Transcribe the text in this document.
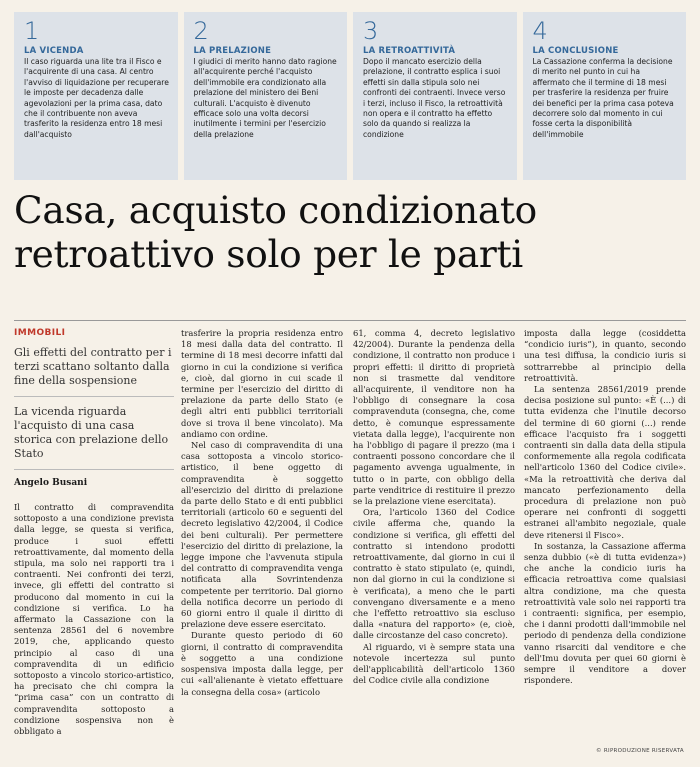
1
LA VICENDA
Il caso riguarda una lite tra il Fisco e l'acquirente di una casa. Al centro l'avviso di liquidazione per recuperare le imposte per decadenza dalle agevolazioni per la prima casa, dato che il contribuente non aveva trasferito la residenza entro 18 mesi dall'acquisto
2
LA PRELAZIONE
I giudici di merito hanno dato ragione all'acquirente perché l'acquisto dell'immobile era condizionato alla prelazione del ministero dei Beni culturali. L'acquisto è divenuto efficace solo una volta decorsi inutilmente i termini per l'esercizio della prelazione
3
LA RETROATTIVITÀ
Dopo il mancato esercizio della prelazione, il contratto esplica i suoi effetti sin dalla stipula solo nei confronti dei contraenti. Invece verso i terzi, incluso il Fisco, la retroattività non opera e il contratto ha effetto solo da quando si realizza la condizione
4
LA CONCLUSIONE
La Cassazione conferma la decisione di merito nel punto in cui ha affermato che il termine di 18 mesi per trasferire la residenza per fruire dei benefici per la prima casa poteva decorrere solo dal momento in cui fosse certa la disponibilità dell'immobile
Casa, acquisto condizionato retroattivo solo per le parti
IMMOBILI
Gli effetti del contratto per i terzi scattano soltanto dalla fine della sospensione
La vicenda riguarda l'acquisto di una casa storica con prelazione dello Stato
Angelo Busani

Il contratto di compravendita sottoposto a una condizione prevista dalla legge, se questa si verifica, produce i suoi effetti retroattivamente, dal momento della stipula, ma solo nei rapporti tra i contraenti. Nei confronti dei terzi, invece, gli effetti del contratto si producono dal momento in cui la condizione si verifica. Lo ha affermato la Cassazione con la sentenza 28561 del 6 novembre 2019, che, applicando questo principio al caso di una compravendita di un edificio sottoposto a vincolo storico-artistico, ha precisato che chi compra la “prima casa” con un contratto di compravendita sottoposto a condizione sospensiva non è obbligato a

trasferire la propria residenza entro 18 mesi dalla data del contratto. Il termine di 18 mesi decorre infatti dal giorno in cui la condizione si verifica e, cioè, dal giorno in cui scade il termine per l'esercizio del diritto di prelazione da parte dello Stato (e degli altri enti pubblici territoriali dove si trova il bene vincolato). Ma andiamo con ordine.

Nel caso di compravendita di una casa sottoposta a vincolo storico-artistico, il bene oggetto di compravendita è soggetto all'esercizio del diritto di prelazione da parte dello Stato e di enti pubblici territoriali (articolo 60 e seguenti del decreto legislativo 42/2004, il Codice dei beni culturali). Per permettere l'esercizio del diritto di prelazione, la legge impone che l'avvenuta stipula del contratto di compravendita venga notificata alla Sovrintendenza competente per territorio. Dal giorno della notifica decorre un periodo di 60 giorni entro il quale il diritto di prelazione deve essere esercitato.

Durante questo periodo di 60 giorni, il contratto di compravendita è soggetto a una condizione sospensiva imposta dalla legge, per cui «all'alienante è vietato effettuare la consegna della cosa» (articolo

61, comma 4, decreto legislativo 42/2004). Durante la pendenza della condizione, il contratto non produce i propri effetti: il diritto di proprietà non si trasmette dal venditore all'acquirente, il venditore non ha l'obbligo di consegnare la cosa compravenduta (consegna, che, come detto, è comunque espressamente vietata dalla legge), l'acquirente non ha l'obbligo di pagare il prezzo (ma i contraenti possono concordare che il pagamento avvenga ugualmente, in tutto o in parte, con obbligo della parte venditrice di restituire il prezzo se la prelazione viene esercitata).

Ora, l'articolo 1360 del Codice civile afferma che, quando la condizione si verifica, gli effetti del contratto si intendono prodotti retroattivamente, dal giorno in cui il contratto è stato stipulato (e, quindi, non dal giorno in cui la condizione si è verificata), a meno che le parti convengano diversamente e a meno che l'effetto retroattivo sia escluso dalla «natura del rapporto» (e, cioè, dalle circostanze del caso concreto).

Al riguardo, vi è sempre stata una notevole incertezza sul punto dell'applicabilità dell'articolo 1360 del Codice civile alla condizione

imposta dalla legge (cosiddetta “condicio iuris”), in quanto, secondo una tesi diffusa, la condicio iuris si sottrarrebbe al principio della retroattività.

La sentenza 28561/2019 prende decisa posizione sul punto: «È (...) di tutta evidenza che l'inutile decorso del termine di 60 giorni (...) rende efficace l'acquisto fra i soggetti contraenti sin dalla data della stipula conformemente alla regola codificata nell'articolo 1360 del Codice civile». «Ma la retroattività che deriva dal mancato perfezionamento della procedura di prelazione non può operare nei confronti di soggetti estranei all'ambito negoziale, quale deve ritenersi il Fisco».

In sostanza, la Cassazione afferma senza dubbio («è di tutta evidenza») che anche la condicio iuris ha efficacia retroattiva come qualsiasi altra condizione, ma che questa retroattività vale solo nei rapporti tra i contraenti: significa, per esempio, che i danni prodotti dall'immobile nel periodo di pendenza della condizione vanno risarciti dal venditore e che dell'Imu dovuta per quei 60 giorni è sempre il venditore a dover rispondere.

© RIPRODUZIONE RISERVATA
